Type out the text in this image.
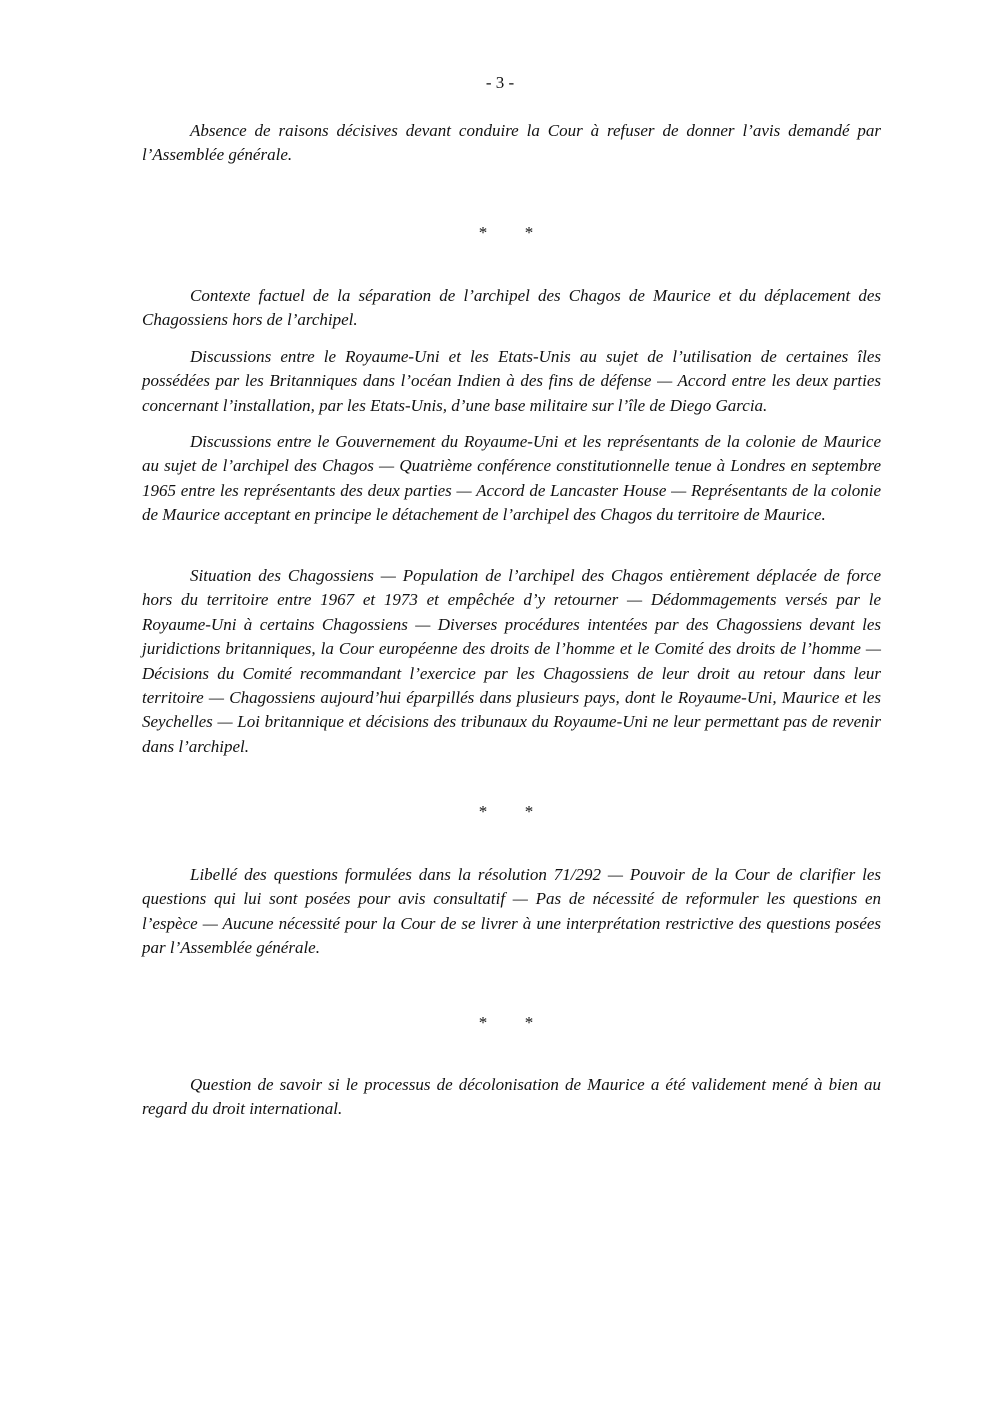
- 3 -

Absence de raisons décisives devant conduire la Cour à refuser de donner l’avis demandé par l’Assemblée générale.

* *

Contexte factuel de la séparation de l’archipel des Chagos de Maurice et du déplacement des Chagossiens hors de l’archipel.

Discussions entre le Royaume-Uni et les Etats-Unis au sujet de l’utilisation de certaines îles possédées par les Britanniques dans l’océan Indien à des fins de défense — Accord entre les deux parties concernant l’installation, par les Etats-Unis, d’une base militaire sur l’île de Diego Garcia.

Discussions entre le Gouvernement du Royaume-Uni et les représentants de la colonie de Maurice au sujet de l’archipel des Chagos — Quatrième conférence constitutionnelle tenue à Londres en septembre 1965 entre les représentants des deux parties — Accord de Lancaster House — Représentants de la colonie de Maurice acceptant en principe le détachement de l’archipel des Chagos du territoire de Maurice.

Situation des Chagossiens — Population de l’archipel des Chagos entièrement déplacée de force hors du territoire entre 1967 et 1973 et empêchée d’y retourner — Dédommagements versés par le Royaume-Uni à certains Chagossiens — Diverses procédures intentées par des Chagossiens devant les juridictions britanniques, la Cour européenne des droits de l’homme et le Comité des droits de l’homme — Décisions du Comité recommandant l’exercice par les Chagossiens de leur droit au retour dans leur territoire — Chagossiens aujourd’hui éparpillés dans plusieurs pays, dont le Royaume-Uni, Maurice et les Seychelles — Loi britannique et décisions des tribunaux du Royaume-Uni ne leur permettant pas de revenir dans l’archipel.

* *

Libellé des questions formulées dans la résolution 71/292 — Pouvoir de la Cour de clarifier les questions qui lui sont posées pour avis consultatif — Pas de nécessité de reformuler les questions en l’espèce — Aucune nécessité pour la Cour de se livrer à une interprétation restrictive des questions posées par l’Assemblée générale.

* *

Question de savoir si le processus de décolonisation de Maurice a été validement mené à bien au regard du droit international.
